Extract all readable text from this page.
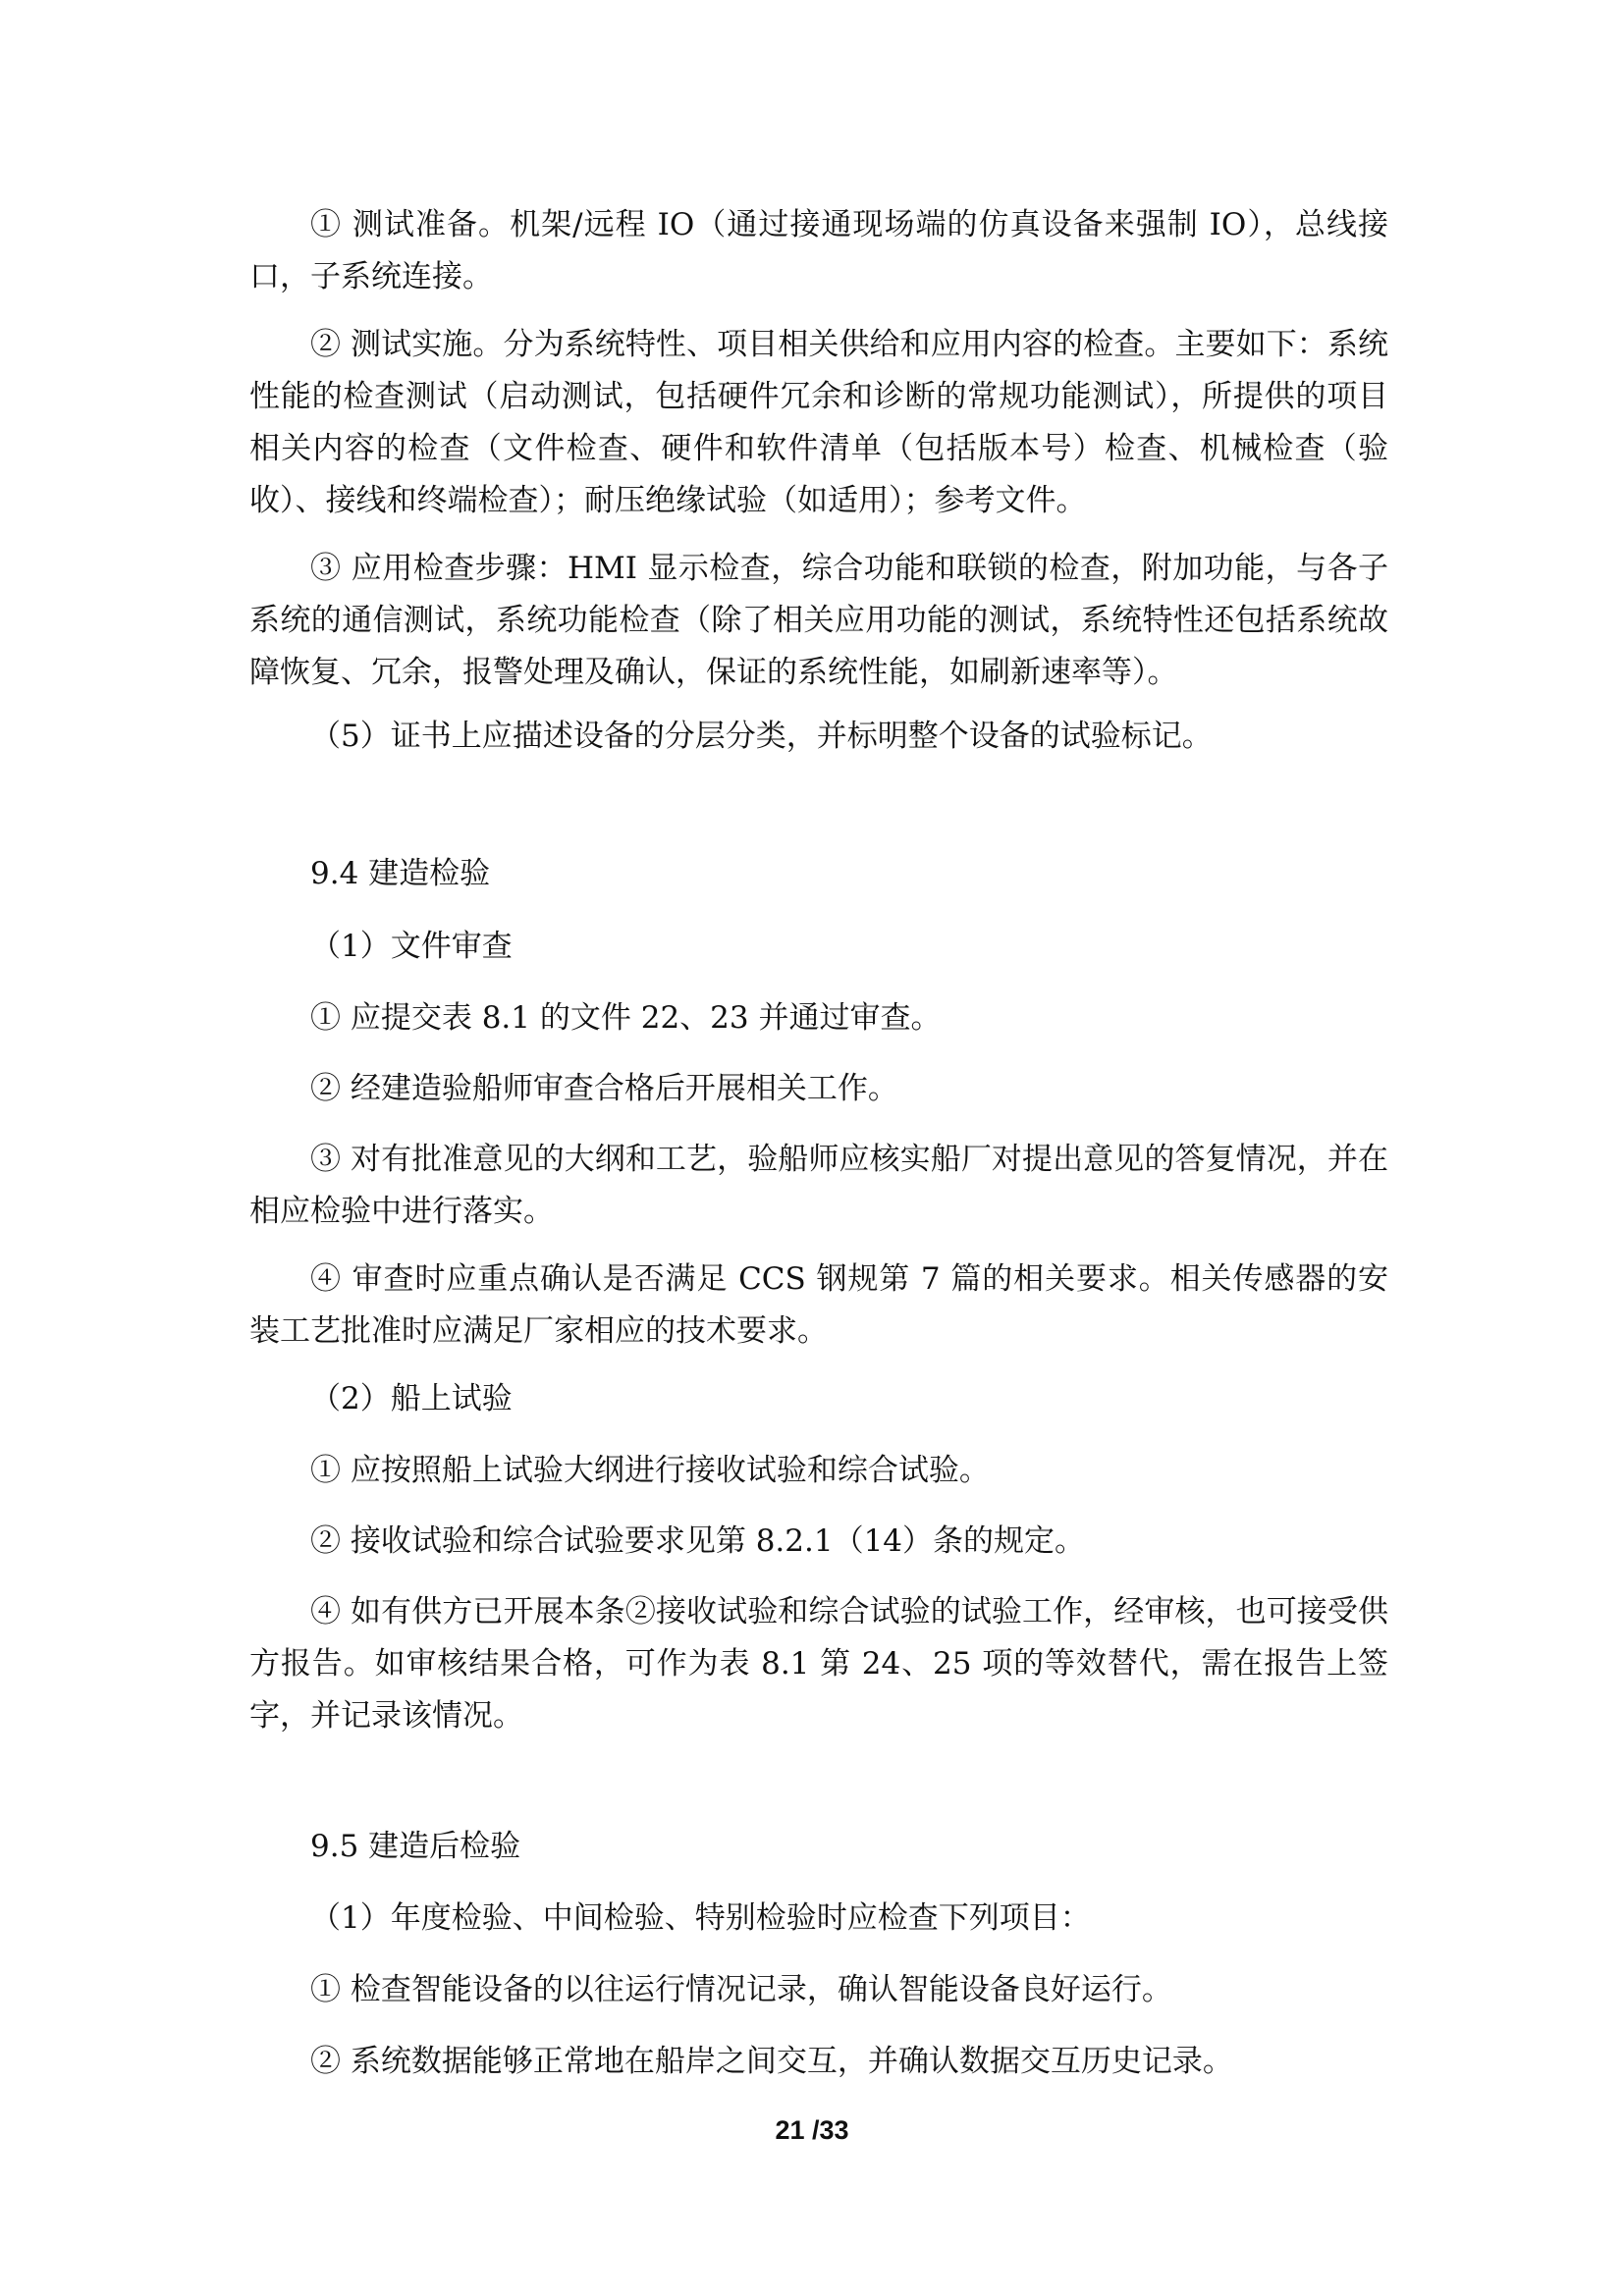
① 测试准备。机架/远程 IO（通过接通现场端的仿真设备来强制 IO），总线接口，子系统连接。

② 测试实施。分为系统特性、项目相关供给和应用内容的检查。主要如下：系统性能的检查测试（启动测试，包括硬件冗余和诊断的常规功能测试），所提供的项目相关内容的检查（文件检查、硬件和软件清单（包括版本号）检查、机械检查（验收）、接线和终端检查）；耐压绝缘试验（如适用）；参考文件。

③ 应用检查步骤：HMI 显示检查，综合功能和联锁的检查，附加功能，与各子系统的通信测试，系统功能检查（除了相关应用功能的测试，系统特性还包括系统故障恢复、冗余，报警处理及确认，保证的系统性能，如刷新速率等）。

（5）证书上应描述设备的分层分类，并标明整个设备的试验标记。

9.4 建造检验

（1）文件审查

① 应提交表 8.1 的文件 22、23 并通过审查。

② 经建造验船师审查合格后开展相关工作。

③ 对有批准意见的大纲和工艺，验船师应核实船厂对提出意见的答复情况，并在相应检验中进行落实。

④ 审查时应重点确认是否满足 CCS 钢规第 7 篇的相关要求。相关传感器的安装工艺批准时应满足厂家相应的技术要求。

（2）船上试验

① 应按照船上试验大纲进行接收试验和综合试验。

② 接收试验和综合试验要求见第 8.2.1（14）条的规定。

④ 如有供方已开展本条②接收试验和综合试验的试验工作，经审核，也可接受供方报告。如审核结果合格，可作为表 8.1 第 24、25 项的等效替代，需在报告上签字，并记录该情况。

9.5 建造后检验

（1）年度检验、中间检验、特别检验时应检查下列项目：

① 检查智能设备的以往运行情况记录，确认智能设备良好运行。

② 系统数据能够正常地在船岸之间交互，并确认数据交互历史记录。

21 /33
